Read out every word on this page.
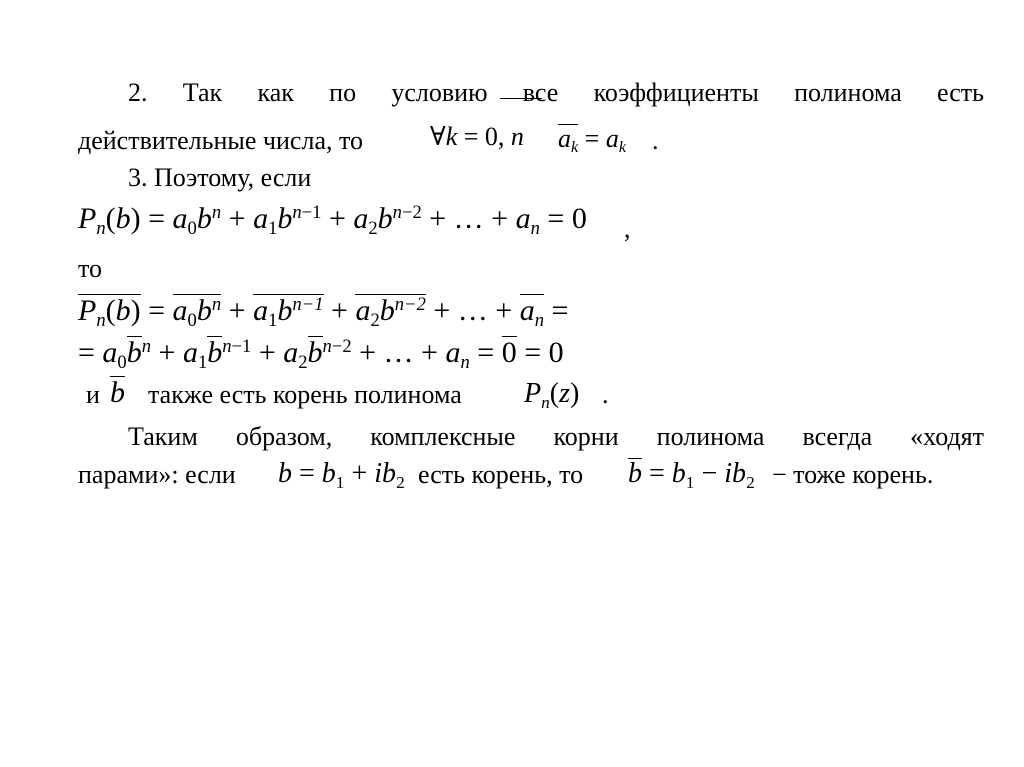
2. Так как по условию все коэффициенты полинома есть
действительные числа, то	∀k = 0, n $a_k = a_k$ .
3. Поэтому, если
$P_n(b) = a_0b^n + a_1b^{n-1} + a_2b^{n-2}$ + … + $a_n = 0$ ,
то
$P_n(b) = a_0b^n + a_1b^{n-1} + a_2b^{n-2}$ + … + $a_n$ =
= $a_0b^n + a_1b^{n-1} + a_2b^{n-2}$ + … + $a_n = 0 = 0$
и b также есть корень полинома $P_n(z)$ .
Таким образом, комплексные корни полинома всегда «ходят
парами»: если $b = b_1 + ib_2$ есть корень, то $b = b_1 - ib_2$ − тоже корень.
